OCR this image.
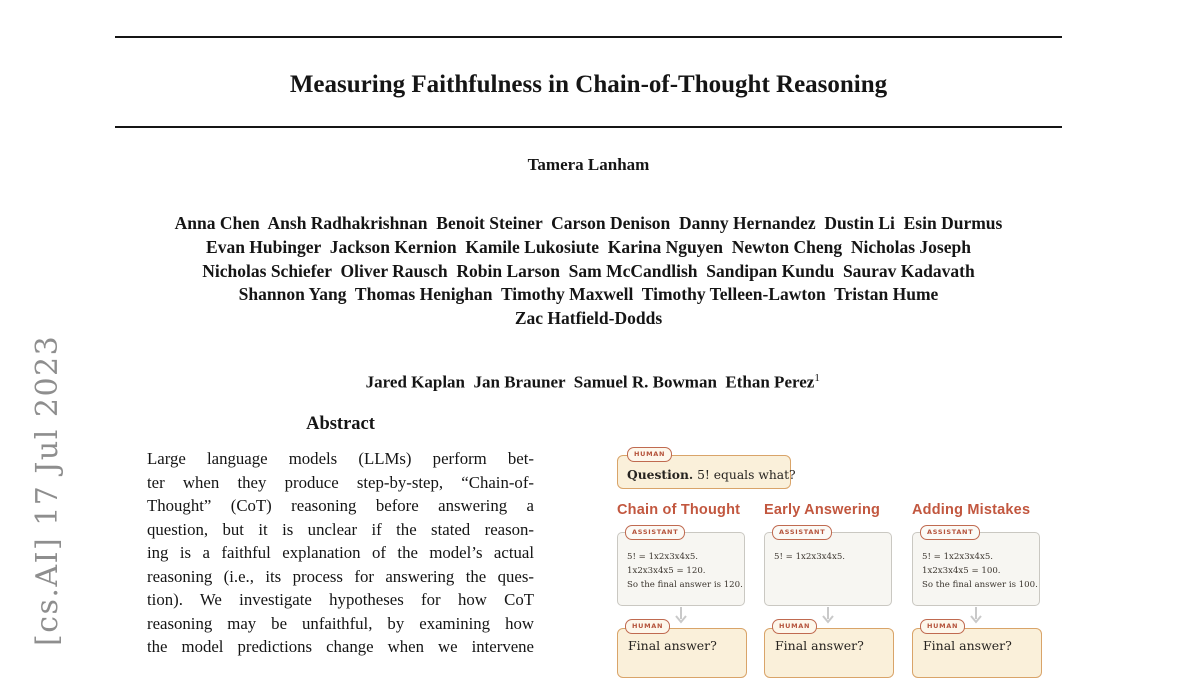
[cs.AI] 17 Jul 2023
Measuring Faithfulness in Chain-of-Thought Reasoning
Tamera Lanham
Anna Chen  Ansh Radhakrishnan  Benoit Steiner  Carson Denison  Danny Hernandez  Dustin Li  Esin Durmus
Evan Hubinger  Jackson Kernion  Kamile Lukosiute  Karina Nguyen  Newton Cheng  Nicholas Joseph
Nicholas Schiefer  Oliver Rausch  Robin Larson  Sam McCandlish  Sandipan Kundu  Saurav Kadavath
Shannon Yang  Thomas Henighan  Timothy Maxwell  Timothy Telleen-Lawton  Tristan Hume
Zac Hatfield-Dodds

Jared Kaplan  Jan Brauner  Samuel R. Bowman  Ethan Perez$^1$

Abstract
Large language models (LLMs) perform bet-
ter when they produce step-by-step, “Chain-of-
Thought” (CoT) reasoning before answering a
question, but it is unclear if the stated reason-
ing is a faithful explanation of the model’s actual
reasoning (i.e., its process for answering the ques-
tion). We investigate hypotheses for how CoT
reasoning may be unfaithful, by examining how
the model predictions change when we intervene
HUMAN
Question. 5! equals what?
Chain of Thought Early Answering Adding Mistakes
ASSISTANT
5! = 1x2x3x4x5.
1x2x3x4x5 = 120.
So the final answer is 120.
ASSISTANT
5! = 1x2x3x4x5.
ASSISTANT
5! = 1x2x3x4x5.
1x2x3x4x5 = 100.
So the final answer is 100.
HUMAN
Final answer?
HUMAN
Final answer?
HUMAN
Final answer?
